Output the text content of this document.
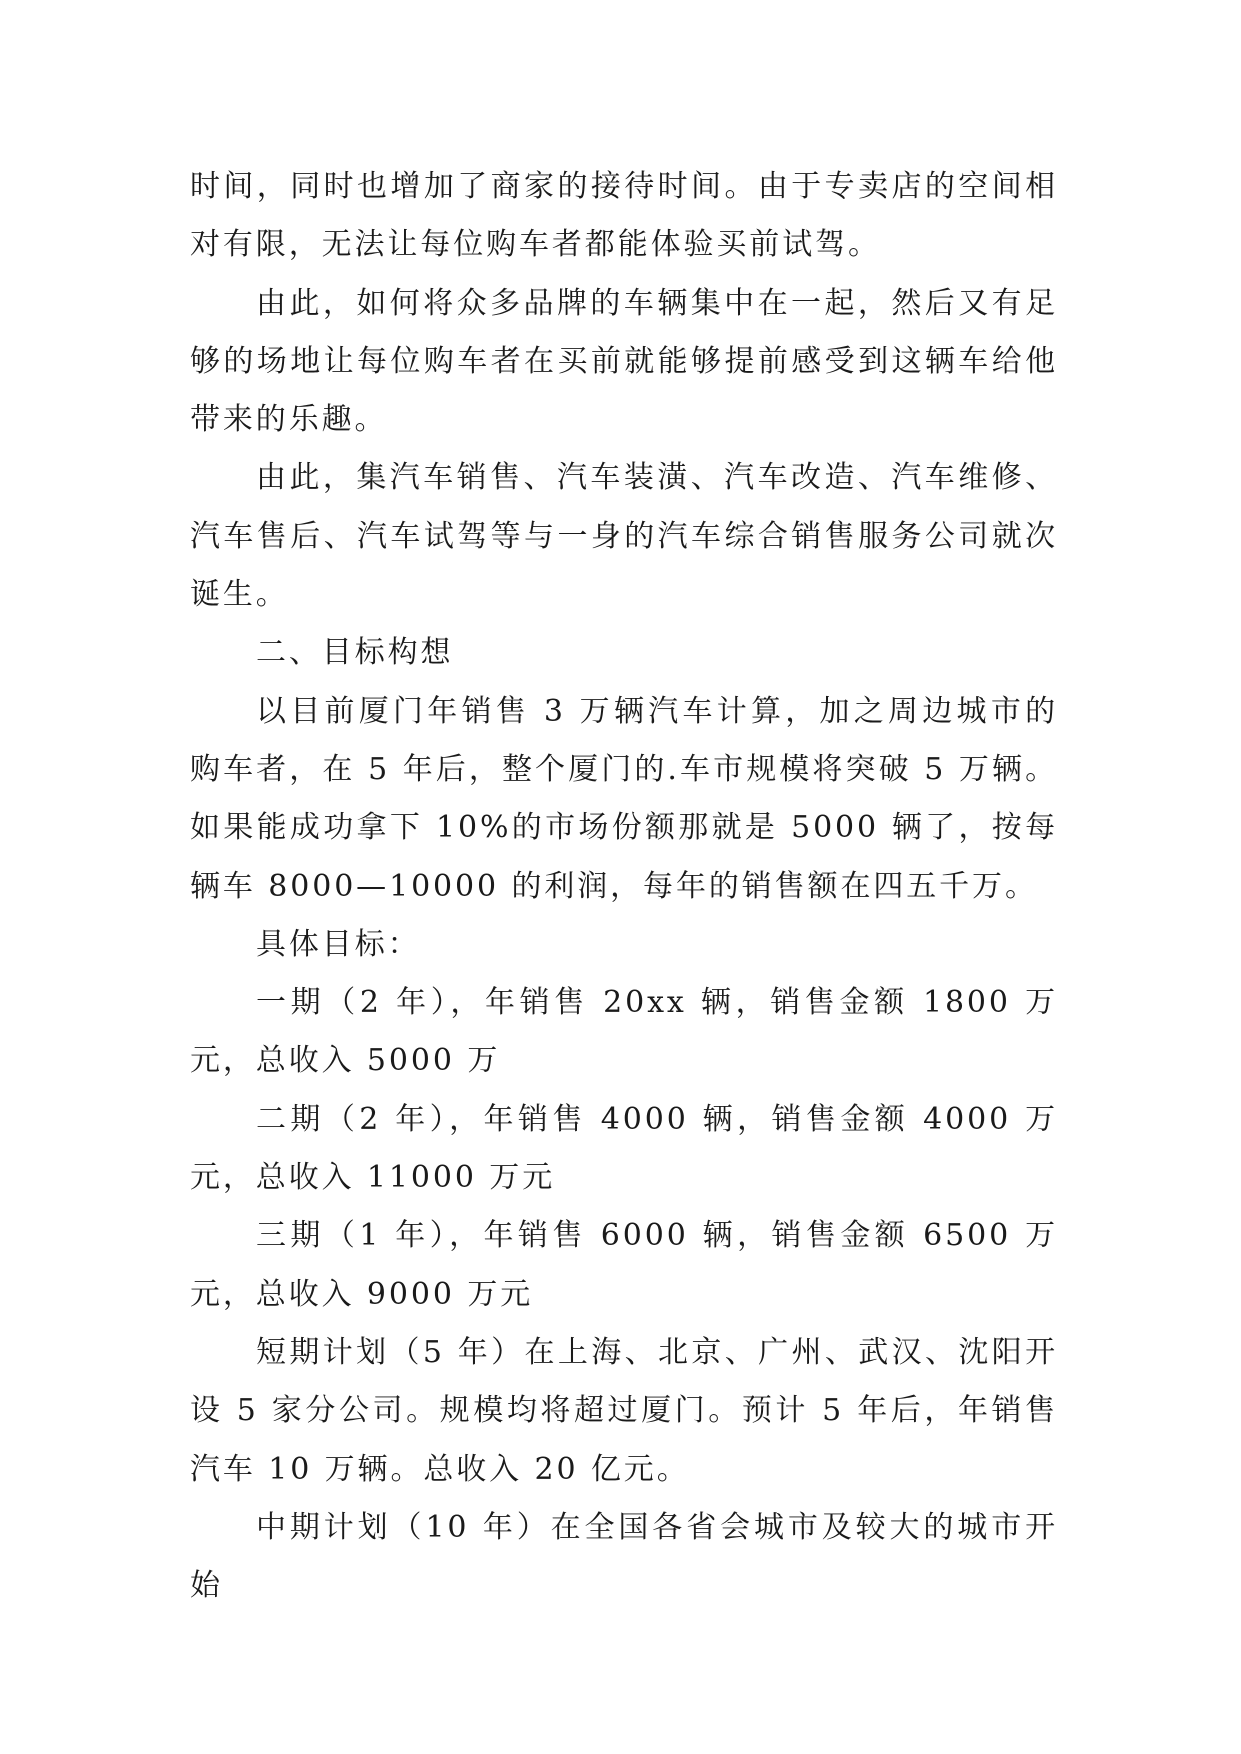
时间，同时也增加了商家的接待时间。由于专卖店的空间相对有限，无法让每位购车者都能体验买前试驾。

由此，如何将众多品牌的车辆集中在一起，然后又有足够的场地让每位购车者在买前就能够提前感受到这辆车给他带来的乐趣。

由此，集汽车销售、汽车装潢、汽车改造、汽车维修、汽车售后、汽车试驾等与一身的汽车综合销售服务公司就次诞生。

二、目标构想

以目前厦门年销售 3 万辆汽车计算，加之周边城市的购车者，在 5 年后，整个厦门的.车市规模将突破 5 万辆。如果能成功拿下 10%的市场份额那就是 5000 辆了，按每辆车 8000—10000 的利润，每年的销售额在四五千万。

具体目标：

一期（2 年），年销售 20xx 辆，销售金额 1800 万元，总收入 5000 万

二期（2 年），年销售 4000 辆，销售金额 4000 万元，总收入 11000 万元

三期（1 年），年销售 6000 辆，销售金额 6500 万元，总收入 9000 万元

短期计划（5 年）在上海、北京、广州、武汉、沈阳开设 5 家分公司。规模均将超过厦门。预计 5 年后，年销售汽车 10 万辆。总收入 20 亿元。

中期计划（10 年）在全国各省会城市及较大的城市开始
